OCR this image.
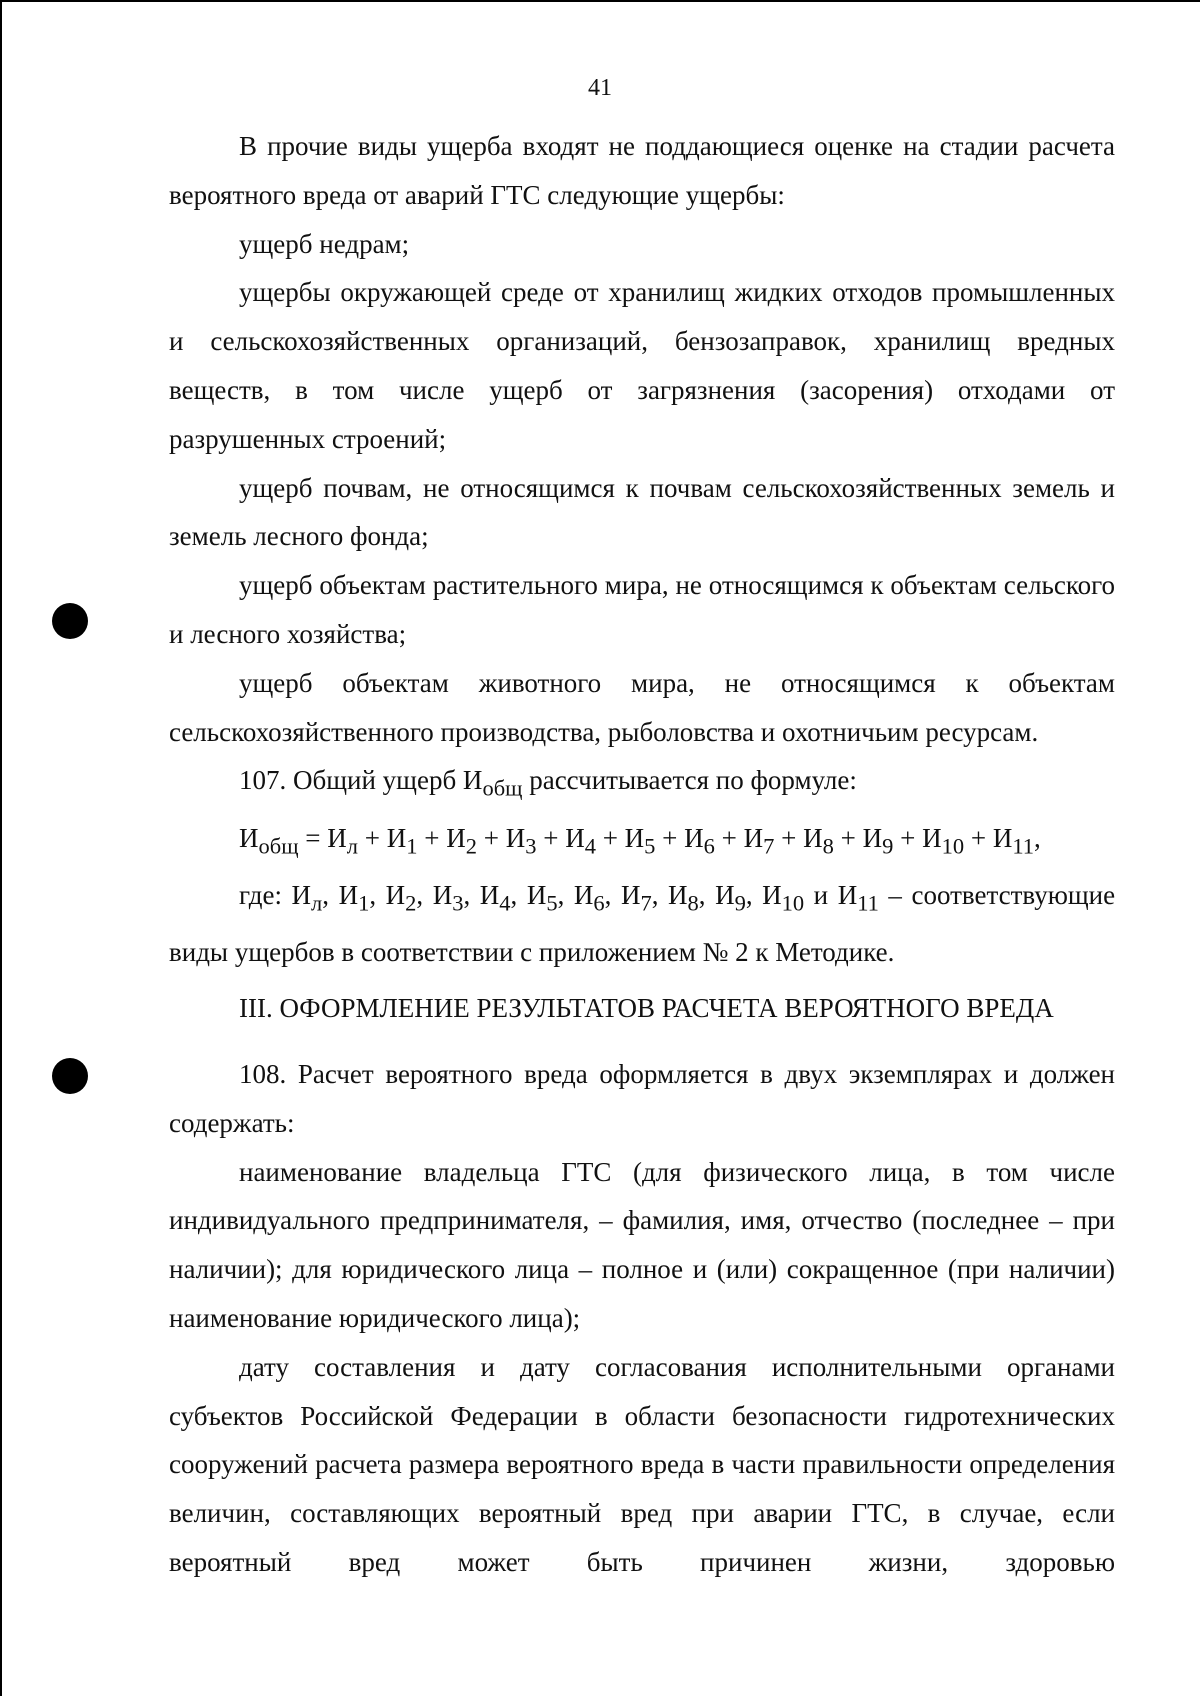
41

В прочие виды ущерба входят не поддающиеся оценке на стадии расчета вероятного вреда от аварий ГТС следующие ущербы:

ущерб недрам;

ущербы окружающей среде от хранилищ жидких отходов промышленных и сельскохозяйственных организаций, бензозаправок, хранилищ вредных веществ, в том числе ущерб от загрязнения (засорения) отходами от разрушенных строений;

ущерб почвам, не относящимся к почвам сельскохозяйственных земель и земель лесного фонда;

ущерб объектам растительного мира, не относящимся к объектам сельского и лесного хозяйства;

ущерб объектам животного мира, не относящимся к объектам сельскохозяйственного производства, рыболовства и охотничьим ресурсам.

107. Общий ущерб $И_{общ}$ рассчитывается по формуле:

$И_{общ} = И_л + И_1 + И_2 + И_3 + И_4 + И_5 + И_6 + И_7 + И_8 + И_9 + И_{10} + И_{11}$,

где: $И_л$, $И_1$, $И_2$, $И_3$, $И_4$, $И_5$, $И_6$, $И_7$, $И_8$, $И_9$, $И_{10}$ и $И_{11}$ – соответствующие виды ущербов в соответствии с приложением № 2 к Методике.

III. ОФОРМЛЕНИЕ РЕЗУЛЬТАТОВ РАСЧЕТА ВЕРОЯТНОГО ВРЕДА

108. Расчет вероятного вреда оформляется в двух экземплярах и должен содержать:

наименование владельца ГТС (для физического лица, в том числе индивидуального предпринимателя, – фамилия, имя, отчество (последнее – при наличии); для юридического лица – полное и (или) сокращенное (при наличии) наименование юридического лица);

дату составления и дату согласования исполнительными органами субъектов Российской Федерации в области безопасности гидротехнических сооружений расчета размера вероятного вреда в части правильности определения величин, составляющих вероятный вред при аварии ГТС, в случае, если вероятный вред может быть причинен жизни, здоровью
